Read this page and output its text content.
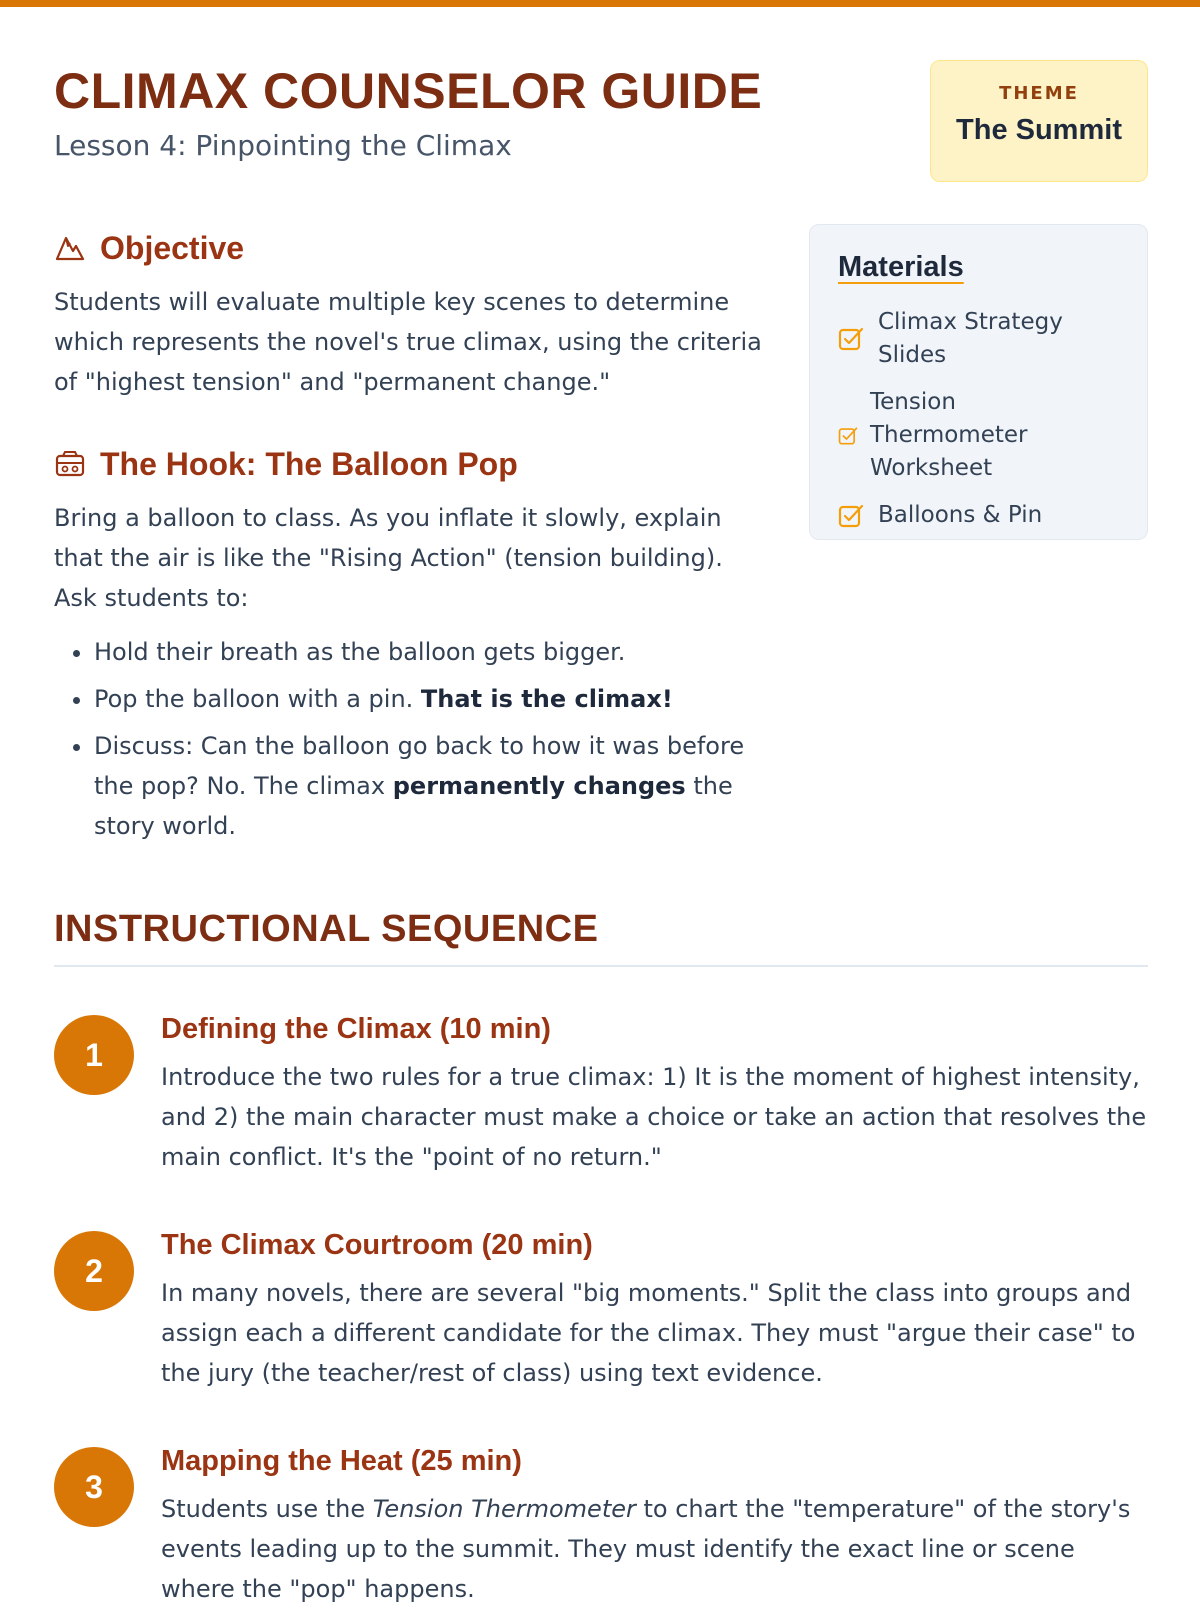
CLIMAX COUNSELOR GUIDE
Lesson 4: Pinpointing the Climax
THEME
The Summit
Objective

Students will evaluate multiple key scenes to determine which represents the novel's true climax, using the criteria of "highest tension" and "permanent change."

The Hook: The Balloon Pop

Bring a balloon to class. As you inflate it slowly, explain that the air is like the "Rising Action" (tension building). Ask students to:

• Hold their breath as the balloon gets bigger.
• Pop the balloon with a pin. That is the climax!
• Discuss: Can the balloon go back to how it was before the pop? No. The climax permanently changes the story world.
Materials
Climax Strategy Slides
Tension Thermometer Worksheet
Balloons & Pin
INSTRUCTIONAL SEQUENCE
1
Defining the Climax (10 min)

Introduce the two rules for a true climax: 1) It is the moment of highest intensity, and 2) the main character must make a choice or take an action that resolves the main conflict. It's the "point of no return."

2
The Climax Courtroom (20 min)

In many novels, there are several "big moments." Split the class into groups and assign each a different candidate for the climax. They must "argue their case" to the jury (the teacher/rest of class) using text evidence.

3
Mapping the Heat (25 min)

Students use the Tension Thermometer to chart the "temperature" of the story's events leading up to the summit. They must identify the exact line or scene where the "pop" happens.
